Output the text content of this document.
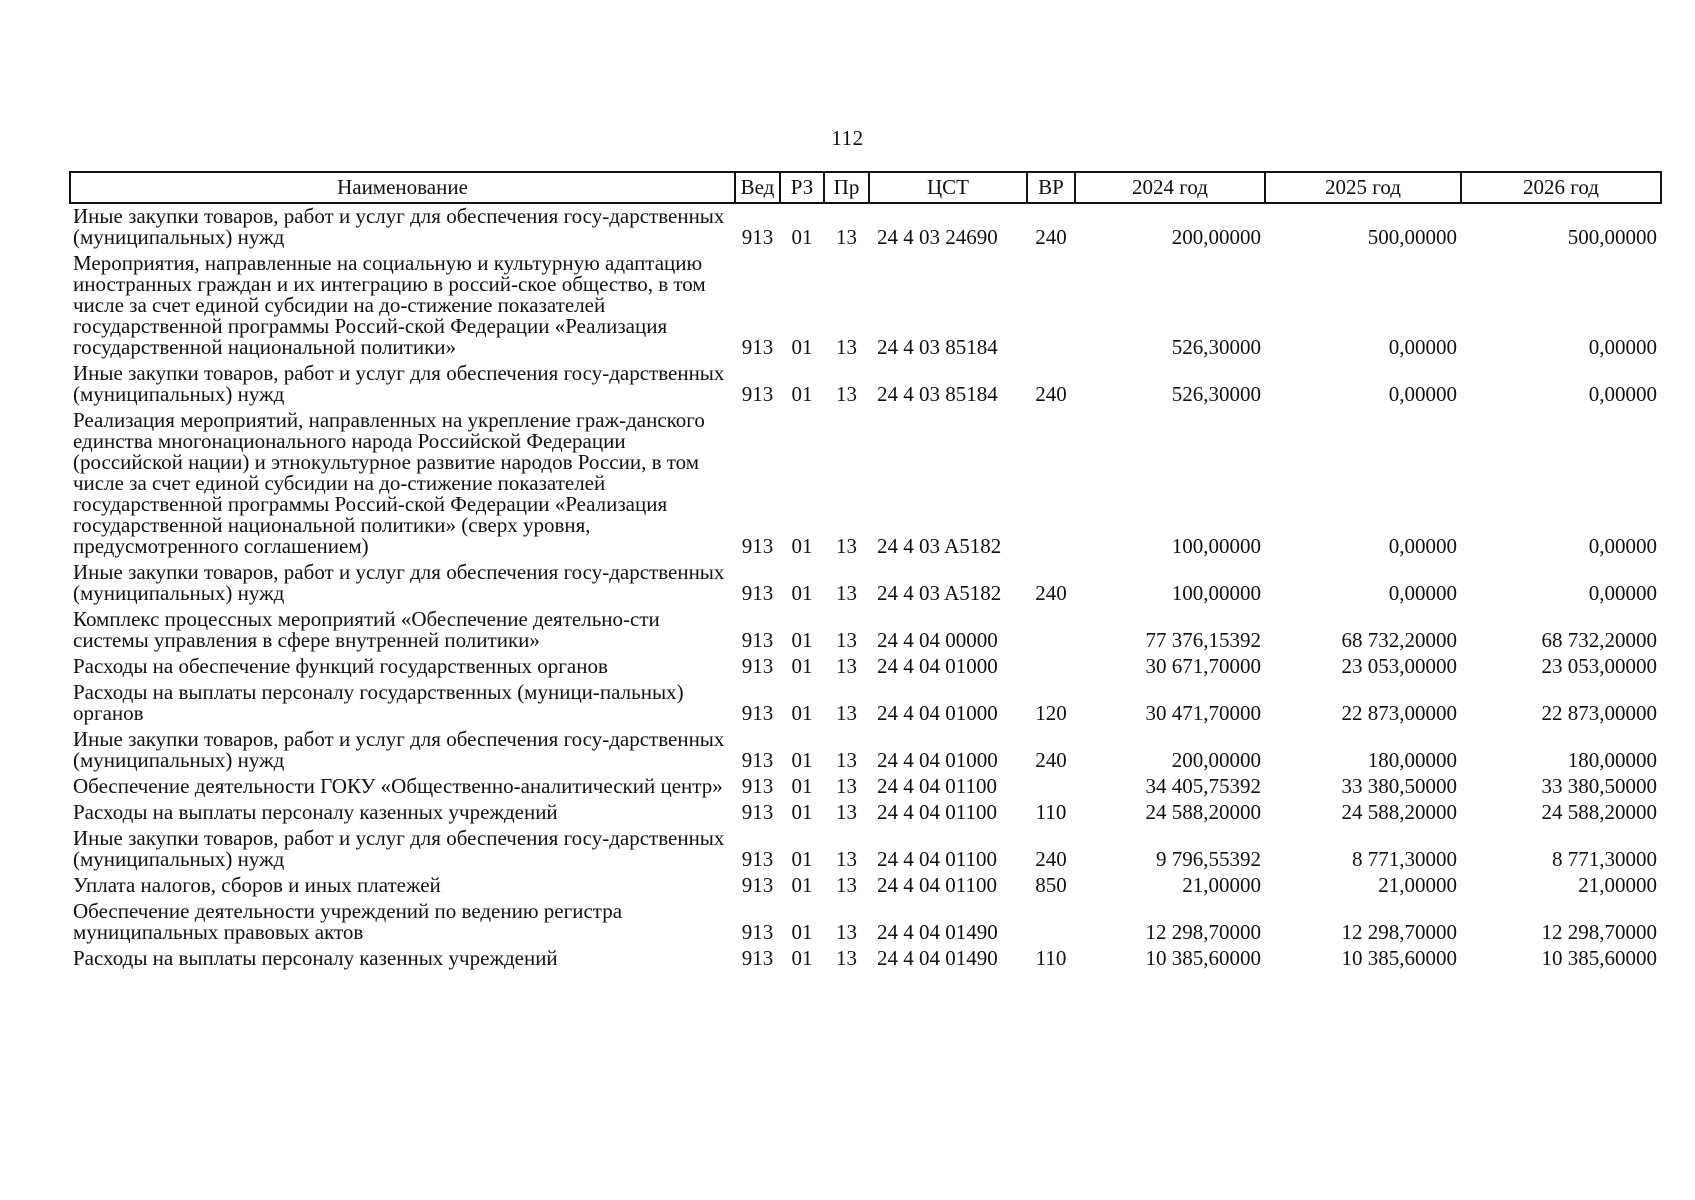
112
Наименование	Вед	РЗ	Пр	ЦСТ	ВР	2024 год	2025 год	2026 год
Иные закупки товаров, работ и услуг для обеспечения госу-дарственных (муниципальных) нужд	913	01	13	24 4 03 24690	240	200,00000	500,00000	500,00000
Мероприятия, направленные на социальную и культурную адаптацию иностранных граждан и их интеграцию в россий-ское общество, в том числе за счет единой субсидии на до-стижение показателей государственной программы Россий-ской Федерации «Реализация государственной национальной политики»	913	01	13	24 4 03 85184		526,30000	0,00000	0,00000
Иные закупки товаров, работ и услуг для обеспечения госу-дарственных (муниципальных) нужд	913	01	13	24 4 03 85184	240	526,30000	0,00000	0,00000
Реализация мероприятий, направленных на укрепление граж-данского единства многонационального народа Российской Федерации (российской нации) и этнокультурное развитие народов России, в том числе за счет единой субсидии на до-стижение показателей государственной программы Россий-ской Федерации «Реализация государственной национальной политики» (сверх уровня, предусмотренного соглашением)	913	01	13	24 4 03 A5182		100,00000	0,00000	0,00000
Иные закупки товаров, работ и услуг для обеспечения госу-дарственных (муниципальных) нужд	913	01	13	24 4 03 A5182	240	100,00000	0,00000	0,00000
Комплекс процессных мероприятий «Обеспечение деятельно-сти системы управления в сфере внутренней политики»	913	01	13	24 4 04 00000		77 376,15392	68 732,20000	68 732,20000
Расходы на обеспечение функций государственных органов	913	01	13	24 4 04 01000		30 671,70000	23 053,00000	23 053,00000
Расходы на выплаты персоналу государственных (муници-пальных) органов	913	01	13	24 4 04 01000	120	30 471,70000	22 873,00000	22 873,00000
Иные закупки товаров, работ и услуг для обеспечения госу-дарственных (муниципальных) нужд	913	01	13	24 4 04 01000	240	200,00000	180,00000	180,00000
Обеспечение деятельности ГОКУ «Общественно-аналитический центр»	913	01	13	24 4 04 01100		34 405,75392	33 380,50000	33 380,50000
Расходы на выплаты персоналу казенных учреждений	913	01	13	24 4 04 01100	110	24 588,20000	24 588,20000	24 588,20000
Иные закупки товаров, работ и услуг для обеспечения госу-дарственных (муниципальных) нужд	913	01	13	24 4 04 01100	240	9 796,55392	8 771,30000	8 771,30000
Уплата налогов, сборов и иных платежей	913	01	13	24 4 04 01100	850	21,00000	21,00000	21,00000
Обеспечение деятельности учреждений по ведению регистра муниципальных правовых актов	913	01	13	24 4 04 01490		12 298,70000	12 298,70000	12 298,70000
Расходы на выплаты персоналу казенных учреждений	913	01	13	24 4 04 01490	110	10 385,60000	10 385,60000	10 385,60000
